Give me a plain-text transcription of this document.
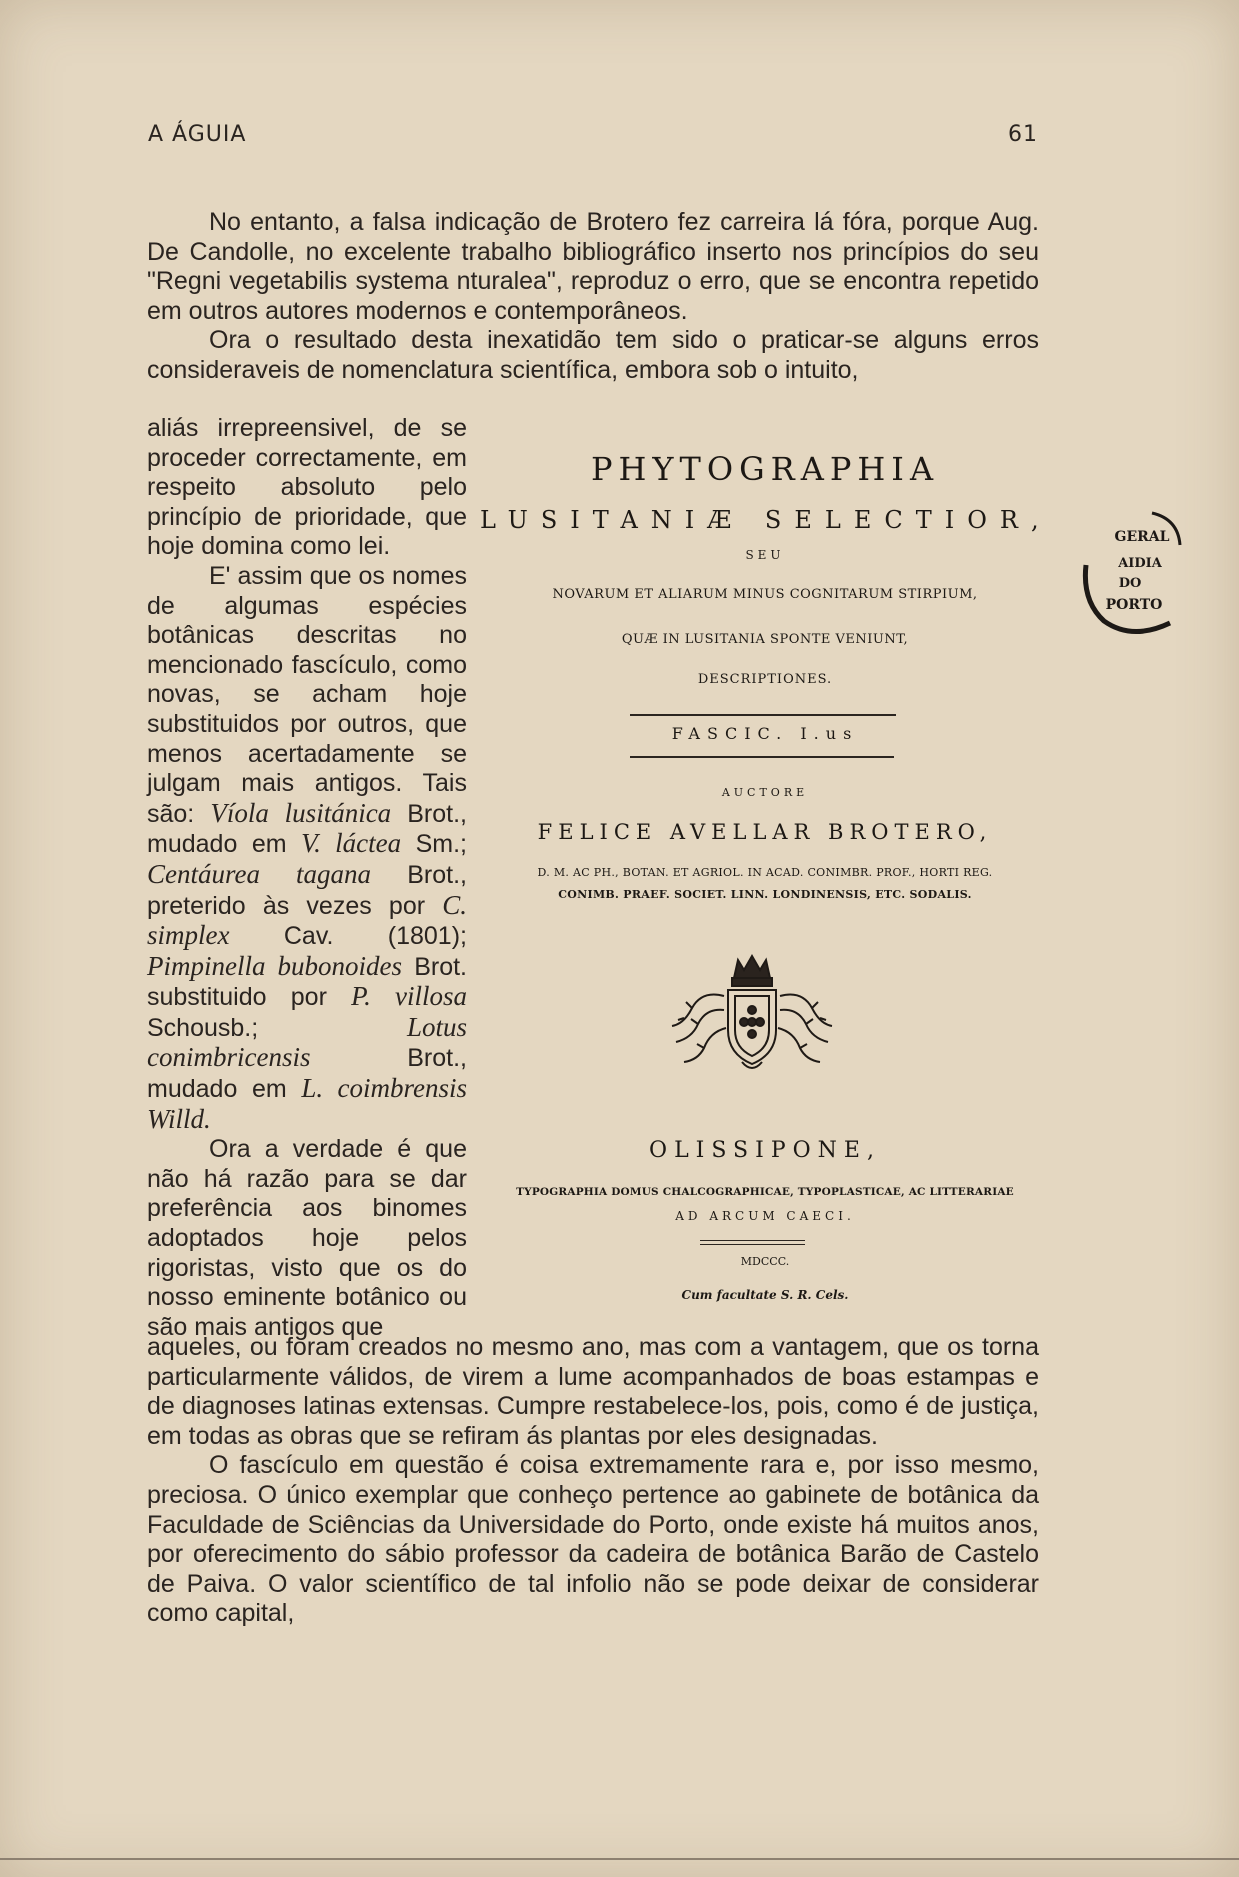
A ÁGUIA	61

No entanto, a falsa indicação de Brotero fez carreira lá fóra, porque Aug. De Candolle, no excelente trabalho bibliográfico inserto nos princípios do seu "Regni vegetabilis systema nturalea", reproduz o erro, que se encontra repetido em outros autores modernos e contemporâneos.

Ora o resultado desta inexatidão tem sido o praticar-se alguns erros consideraveis de nomenclatura scientífica, embora sob o intuito,

aliás irrepreensivel, de se proceder correctamente, em respeito absoluto pelo princípio de prioridade, que hoje domina como lei.

E' assim que os nomes de algumas espécies botânicas descritas no mencionado fascículo, como novas, se acham hoje substituidos por outros, que menos acertadamente se julgam mais antigos. Tais são: Víola lusitánica Brot., mudado em V. láctea Sm.; Centáurea tagana Brot., preterido às vezes por C. simplex Cav. (1801); Pimpinella bubonoides Brot. substituido por P. villosa Schousb.;	Lotus conimbricensis	Brot., mudado em L. coimbrensis Willd.

Ora a verdade é que não há razão para se dar preferência aos binomes adoptados hoje pelos rigoristas, visto que os do nosso eminente botânico ou são mais antigos que

aqueles, ou foram creados no mesmo ano, mas com a vantagem, que os torna particularmente válidos, de virem a lume acompanhados de boas estampas e de diagnoses latinas extensas. Cumpre restabelece-los, pois, como é de justiça, em todas as obras que se refiram ás plantas por eles designadas.

O fascículo em questão é coisa extremamente rara e, por isso mesmo, preciosa. O único exemplar que conheço pertence ao gabinete de botânica da Faculdade de Sciências da Universidade do Porto, onde existe há muitos anos, por oferecimento do sábio professor da cadeira de botânica Barão de Castelo de Paiva. O valor scientífico de tal infolio não se pode deixar de considerar como capital,

PHYTOGRAPHIA
LUSITANIÆ SELECTIOR,
SEU
NOVARUM ET ALIARUM MINUS COGNITARUM STIRPIUM,
QUÆ IN LUSITANIA SPONTE VENIUNT,
DESCRIPTIONES.
FASCIC. I.us
AUCTORE
FELICE AVELLAR BROTERO,
D. M. AC PH., BOTAN. ET AGRIOL. IN ACAD. CONIMBR. PROF., HORTI REG.
CONIMB. PRAEF. SOCIET. LINN. LONDINENSIS, ETC. SODALIS.
OLISSIPONE,
TYPOGRAPHIA DOMUS CHALCOGRAPHICAE, TYPOPLASTICAE, AC LITTERARIAE
AD ARCUM CAECI.
MDCCC.
Cum facultate S. R. Cels.
GERAL
AIDIA
DO
PORTO
